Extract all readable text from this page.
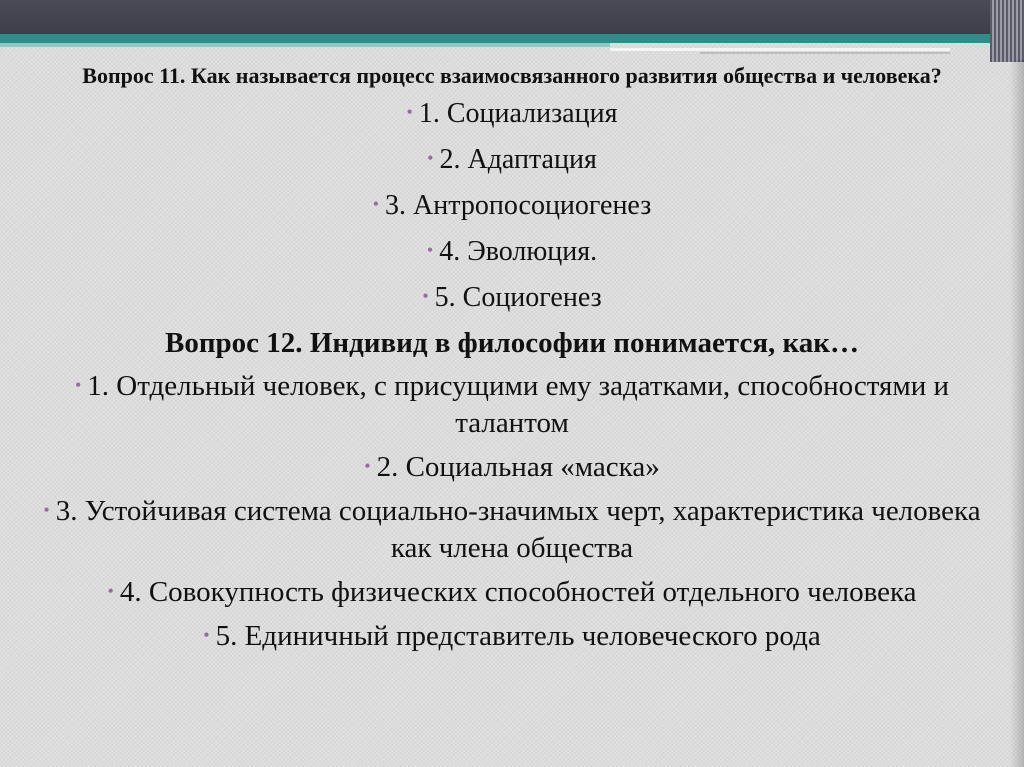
Вопрос 11. Как называется процесс взаимосвязанного развития общества и человека?
• 1. Социализация
• 2. Адаптация
• 3. Антропосоциогенез
• 4. Эволюция.
• 5. Социогенез
Вопрос 12. Индивид в философии понимается, как…
• 1. Отдельный человек, с присущими ему задатками, способностями и талантом
• 2. Социальная «маска»
• 3. Устойчивая система социально-значимых черт, характеристика человека как члена общества
• 4. Совокупность физических способностей отдельного человека
• 5. Единичный представитель человеческого рода
